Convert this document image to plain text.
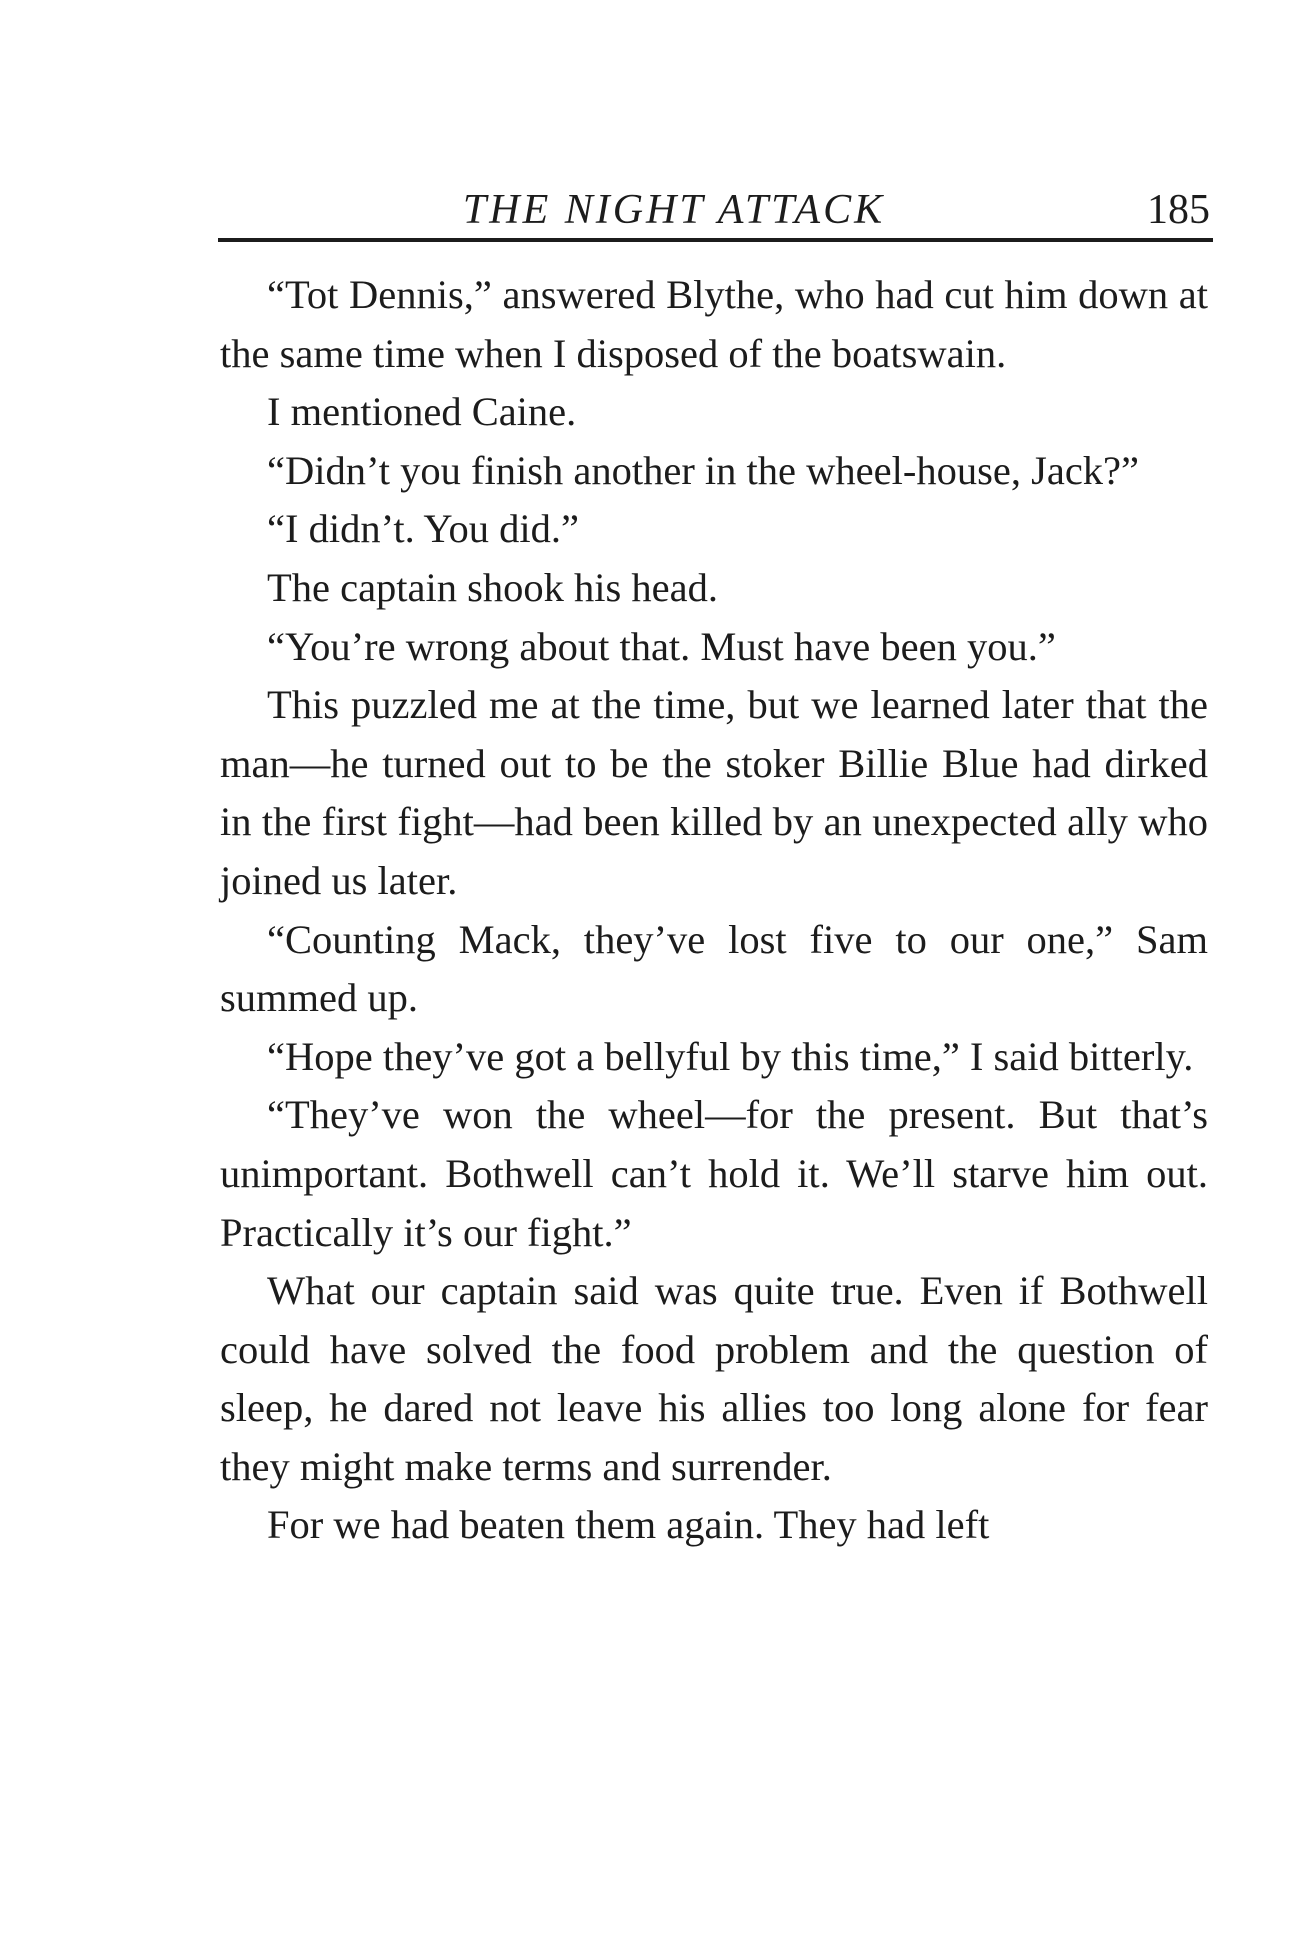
THE NIGHT ATTACK	185

“Tot Dennis,” answered Blythe, who had cut him down at the same time when I disposed of the boatswain.

I mentioned Caine.

“Didn’t you finish another in the wheel-house, Jack?”

“I didn’t. You did.”

The captain shook his head.

“You’re wrong about that. Must have been you.”

This puzzled me at the time, but we learned later that the man—he turned out to be the stoker Billie Blue had dirked in the first fight—had been killed by an unexpected ally who joined us later.

“Counting Mack, they’ve lost five to our one,” Sam summed up.

“Hope they’ve got a bellyful by this time,” I said bitterly.

“They’ve won the wheel—for the present. But that’s unimportant. Bothwell can’t hold it. We’ll starve him out. Practically it’s our fight.”

What our captain said was quite true. Even if Bothwell could have solved the food problem and the question of sleep, he dared not leave his allies too long alone for fear they might make terms and surrender.

For we had beaten them again. They had left
